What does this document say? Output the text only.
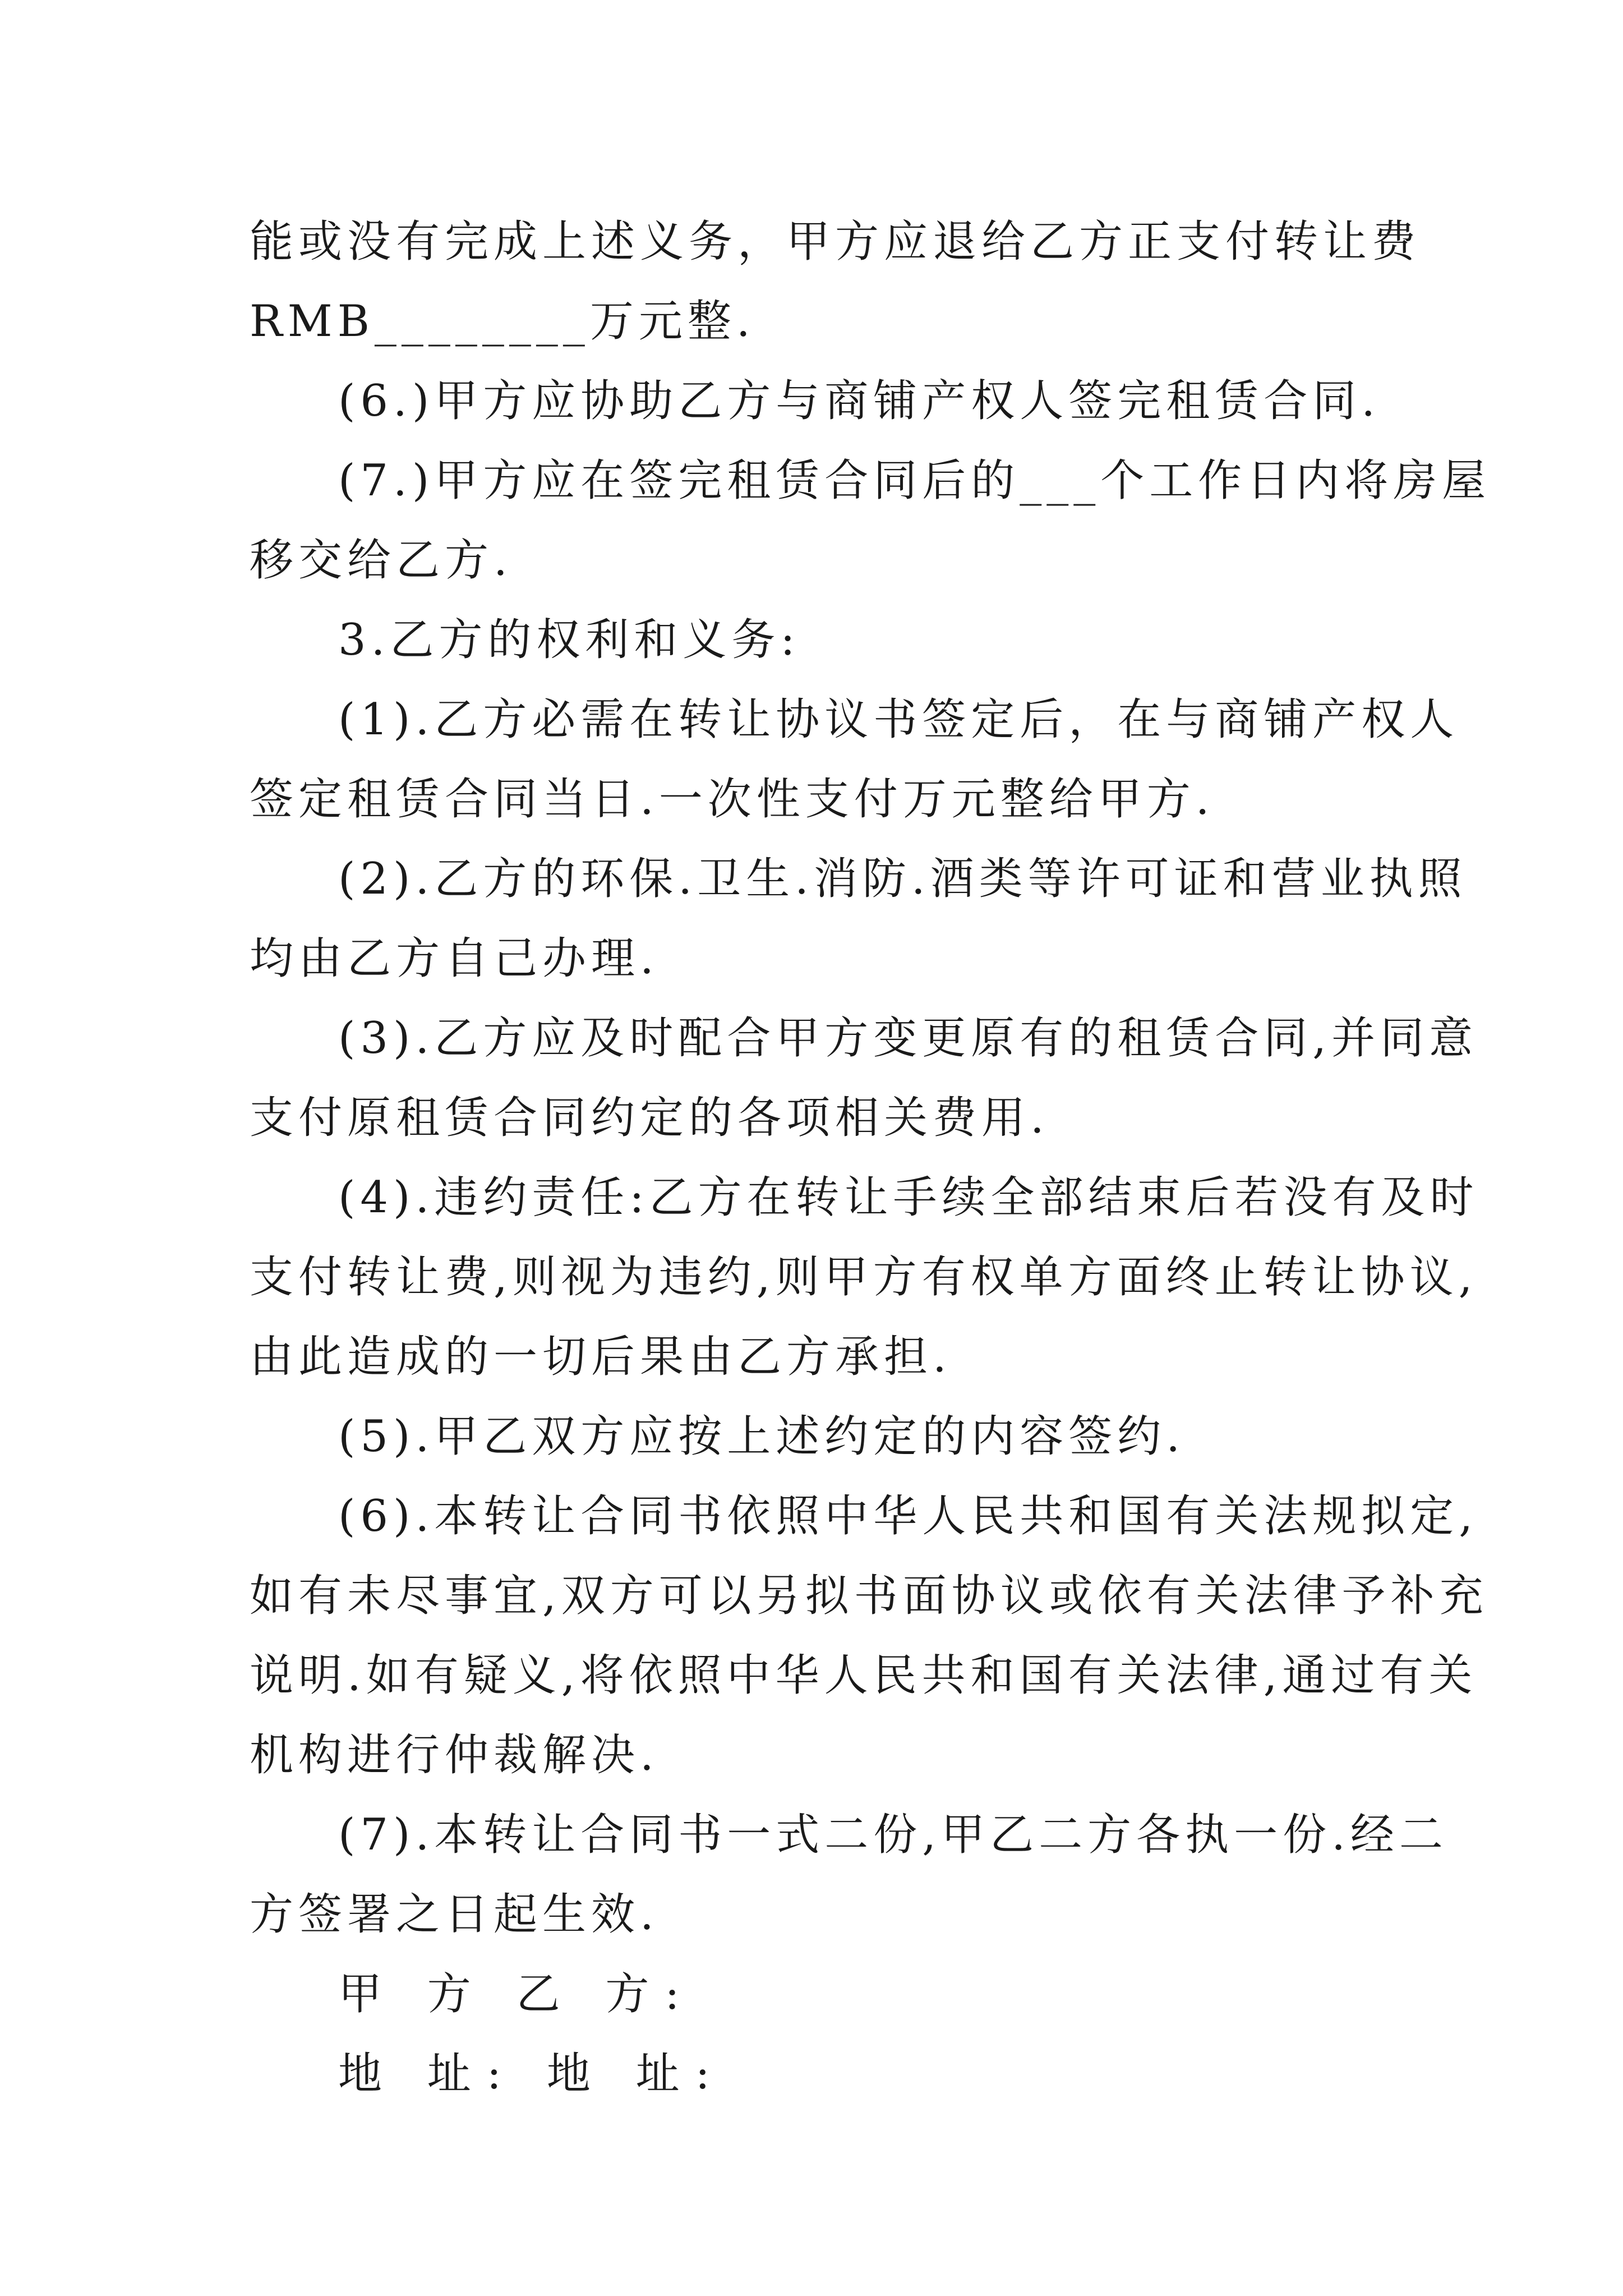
能或没有完成上述义务，甲方应退给乙方正支付转让费
RMB________万元整.
(6.)甲方应协助乙方与商铺产权人签完租赁合同.
(7.)甲方应在签完租赁合同后的___个工作日内将房屋
移交给乙方.
3.乙方的权利和义务:
(1).乙方必需在转让协议书签定后，在与商铺产权人
签定租赁合同当日.一次性支付万元整给甲方.
(2).乙方的环保.卫生.消防.酒类等许可证和营业执照
均由乙方自己办理.
(3).乙方应及时配合甲方变更原有的租赁合同,并同意
支付原租赁合同约定的各项相关费用.
(4).违约责任:乙方在转让手续全部结束后若没有及时
支付转让费,则视为违约,则甲方有权单方面终止转让协议,
由此造成的一切后果由乙方承担.
(5).甲乙双方应按上述约定的内容签约.
(6).本转让合同书依照中华人民共和国有关法规拟定,
如有未尽事宜,双方可以另拟书面协议或依有关法律予补充
说明.如有疑义,将依照中华人民共和国有关法律,通过有关
机构进行仲裁解决.
(7).本转让合同书一式二份,甲乙二方各执一份.经二
方签署之日起生效.
甲 方 乙 方:
地 址: 地 址:
